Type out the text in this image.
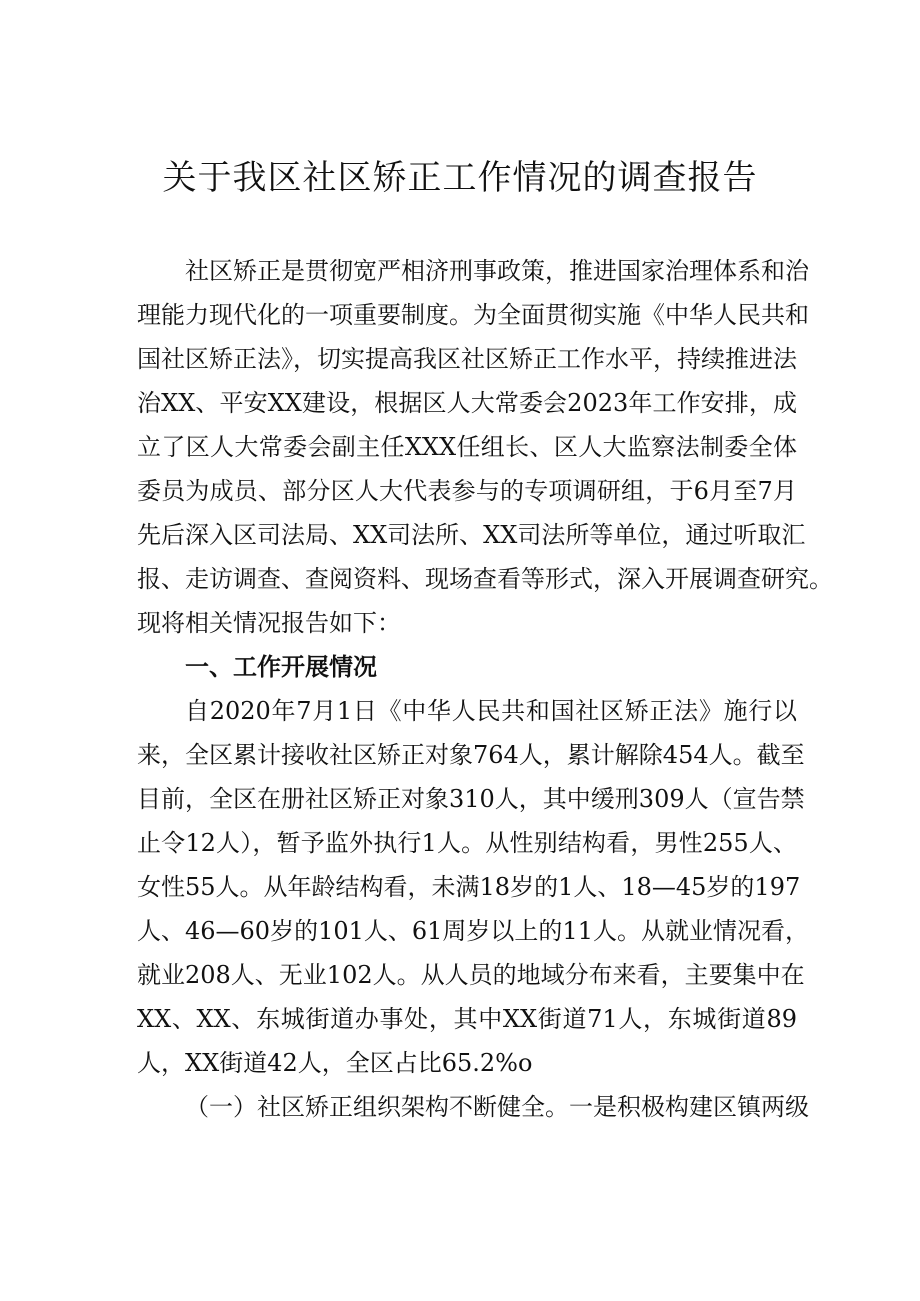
关于我区社区矫正工作情况的调查报告
社区矫正是贯彻宽严相济刑事政策，推进国家治理体系和治
理能力现代化的一项重要制度。为全面贯彻实施《中华人民共和
国社区矫正法》，切实提高我区社区矫正工作水平，持续推进法
治XX、平安XX建设，根据区人大常委会2023年工作安排，成
立了区人大常委会副主任XXX任组长、区人大监察法制委全体
委员为成员、部分区人大代表参与的专项调研组，于6月至7月
先后深入区司法局、XX司法所、XX司法所等单位，通过听取汇
报、走访调查、查阅资料、现场查看等形式，深入开展调查研究。
现将相关情况报告如下：
一、工作开展情况
自2020年7月1日《中华人民共和国社区矫正法》施行以
来，全区累计接收社区矫正对象764人，累计解除454人。截至
目前，全区在册社区矫正对象310人，其中缓刑309人（宣告禁
止令12人），暂予监外执行1人。从性别结构看，男性255人、
女性55人。从年龄结构看，未满18岁的1人、18—45岁的197
人、46—60岁的101人、61周岁以上的11人。从就业情况看，
就业208人、无业102人。从人员的地域分布来看，主要集中在
XX、XX、东城街道办事处，其中XX街道71人，东城街道89
人，XX街道42人，全区占比65.2%o
（一）社区矫正组织架构不断健全。一是积极构建区镇两级
